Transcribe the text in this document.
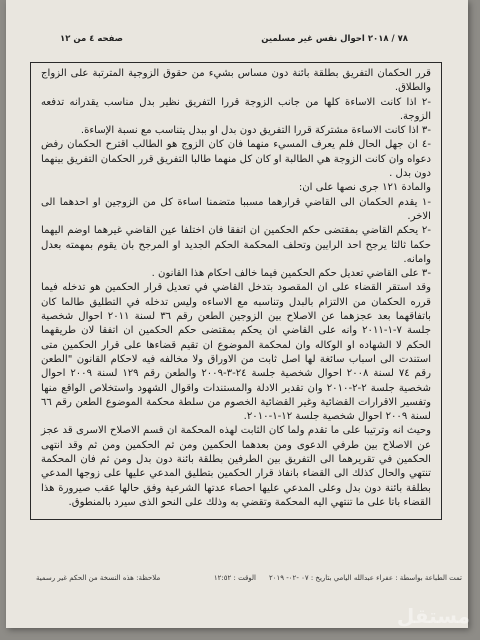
٧٨ / ٢٠١٨ احوال نفس غير مسلمين
صفحه ٤ من ١٢

قرر الحكمان التفريق بطلقة بائنة دون مساس بشيء من حقوق الزوجية المترتبة على الزواج والطلاق.

-٢ اذا كانت الاساءة كلها من جانب الزوجة قررا التفريق نظير بدل مناسب يقدرانه تدفعه الزوجة.

-٣ اذا كانت الاساءة مشتركة قررا التفريق دون بدل او ببدل يتناسب مع نسبة الإساءة.

-٤ ان جهل الحال فلم يعرف المسيء منهما فان كان الزوج هو الطالب اقترح الحكمان رفض دعواه وان كانت الزوجة هي الطالبة او كان كل منهما طالبا التفريق قرر الحكمان التفريق بينهما دون بدل .

والمادة ١٢١ جرى نصها على ان:

-١ يقدم الحكمان الى القاضي قرارهما مسببا متضمنا اساءة كل من الزوجين او احدهما الى الاخر.

-٢ يحكم القاضي بمقتضى حكم الحكمين ان اتفقا فان اختلفا عين القاضي غيرهما اوضم اليهما حكما ثالثا يرجح احد الرايين وتحلف المحكمة الحكم الجديد او المرجح بان يقوم بمهمته بعدل وامانه.

-٣ على القاضي تعديل حكم الحكمين فيما خالف احكام هذا القانون .

وقد استقر القضاء على ان المقصود بتدخل القاضي في تعديل قرار الحكمين هو تدخله فيما قرره الحكمان من الالتزام بالبدل وتناسبه مع الاساءه وليس تدخله في التطليق طالما كان باتفاقهما بعد عجزهما عن الاصلاح بين الزوجين الطعن رقم ٣٦ لسنة ٢٠١١ احوال شخصية جلسة ٧-١-٢٠١١ وانه على القاضي ان يحكم بمقتضى حكم الحكمين ان اتفقا لان طريقهما الحكم لا الشهاده او الوكاله وان لمحكمة الموضوع ان تقيم قضاءها على قرار الحكمين متى استندت الى اسباب سائغة لها اصل ثابت من الاوراق ولا مخالفه فيه لاحكام القانون "الطعن رقم ٧٤ لسنة ٢٠٠٨ احوال شخصية جلسة ٢٤-٣-٢٠٠٩ والطعن رقم ١٢٩ لسنة ٢٠٠٩ احوال شخصية جلسة ٢-٢-٢٠١٠ وان تقدير الادلة والمستندات واقوال الشهود واستخلاص الواقع منها وتفسير الاقرارات القضائية وغير القضائية الخصوم من سلطة محكمة الموضوع الطعن رقم ٦٦ لسنة ٢٠٠٩ احوال شخصية جلسة ١٢-١-٢٠١٠.

وحيث انه وترتيبا على ما تقدم ولما كان الثابت لهذه المحكمة ان قسم الاصلاح الاسرى قد عجز عن الاصلاح بين طرفي الدعوى ومن بعدهما الحكمين ومن ثم الحكمين ومن ثم وقد انتهى الحكمين في تقريرهما الى التفريق بين الطرفين بطلقة بائنة دون بدل ومن ثم فان المحكمة تنتهي والحال كذلك الى القضاء بانفاذ قرار الحكمين بتطليق المدعي عليها على زوجها المدعي بطلقة بائنة دون بدل وعلى المدعي عليها احصاء عدتها الشرعية وفق حالها عقب صيرورة هذا القضاء باتا على ما تنتهي اليه المحكمة وتقضي به وذلك على النحو الذى سيرد بالمنطوق.

تمت الطباعة بواسطة : عفراء عبدالله اليامي بتاريخ : ٠٧ -٠٢- ٢٠١٩
الوقت : ١٢:٥٢
ملاحظة: هذه النسخة من الحكم غير رسمية
مستقل
